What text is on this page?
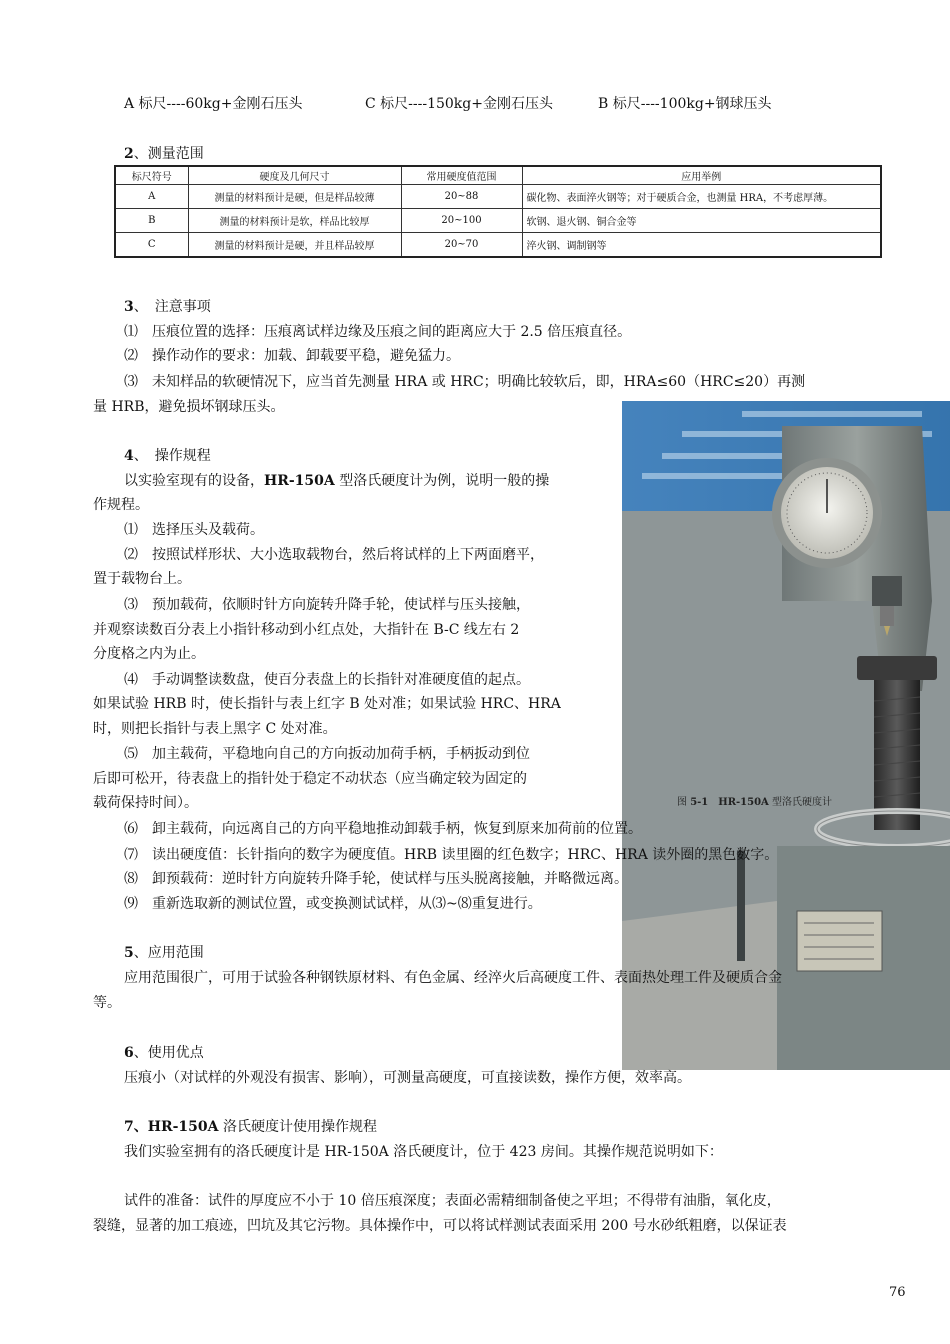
A 标尺----60kg+金刚石压头	C 标尺----150kg+金刚石压头	B 标尺----100kg+钢球压头
2、测量范围
标尺符号	硬度及几何尺寸	常用硬度值范围	应用举例
A	测量的材料预计是硬，但是样品较薄	20~88	碳化物、表面淬火钢等；对于硬质合金，也测量 HRA，不考虑厚薄。
B	测量的材料预计是软，样品比较厚	20~100	软钢、退火钢、铜合金等
C	测量的材料预计是硬，并且样品较厚	20~70	淬火钢、调制钢等
图 5-1　HR-150A 型洛氏硬度计
3、　注意事项
⑴　压痕位置的选择：压痕离试样边缘及压痕之间的距离应大于 2.5 倍压痕直径。
⑵　操作动作的要求：加载、卸载要平稳，避免猛力。
⑶　未知样品的软硬情况下，应当首先测量 HRA 或 HRC；明确比较软后，即，HRA≤60（HRC≤20）再测
量 HRB，避免损坏钢球压头。
4、　操作规程
以实验室现有的设备，HR-150A 型洛氏硬度计为例，说明一般的操
作规程。
⑴　选择压头及载荷。
⑵　按照试样形状、大小选取载物台，然后将试样的上下两面磨平，
置于载物台上。
⑶　预加载荷，依顺时针方向旋转升降手轮，使试样与压头接触，
并观察读数百分表上小指针移动到小红点处，大指针在 B-C 线左右 2
分度格之内为止。
⑷　手动调整读数盘，使百分表盘上的长指针对准硬度值的起点。
如果试验 HRB 时，使长指针与表上红字 B 处对准；如果试验 HRC、HRA
时，则把长指针与表上黑字 C 处对准。
⑸　加主载荷，平稳地向自己的方向扳动加荷手柄，手柄扳动到位
后即可松开，待表盘上的指针处于稳定不动状态（应当确定较为固定的
载荷保持时间）。
⑹　卸主载荷，向远离自己的方向平稳地推动卸载手柄，恢复到原来加荷前的位置。
⑺　读出硬度值：长针指向的数字为硬度值。HRB 读里圈的红色数字；HRC、HRA 读外圈的黑色数字。
⑻　卸预载荷：逆时针方向旋转升降手轮，使试样与压头脱离接触，并略微远离。
⑼　重新选取新的测试位置，或变换测试试样，从⑶~⑻重复进行。
5、应用范围
应用范围很广，可用于试验各种钢铁原材料、有色金属、经淬火后高硬度工件、表面热处理工件及硬质合金
等。
6、使用优点
压痕小（对试样的外观没有损害、影响），可测量高硬度，可直接读数，操作方便，效率高。
7、HR-150A 洛氏硬度计使用操作规程
我们实验室拥有的洛氏硬度计是 HR-150A 洛氏硬度计，位于 423 房间。其操作规范说明如下：
试件的准备：试件的厚度应不小于 10 倍压痕深度；表面必需精细制备使之平坦；不得带有油脂，氧化皮，
裂缝，显著的加工痕迹，凹坑及其它污物。具体操作中，可以将试样测试表面采用 200 号水砂纸粗磨，以保证表
76
